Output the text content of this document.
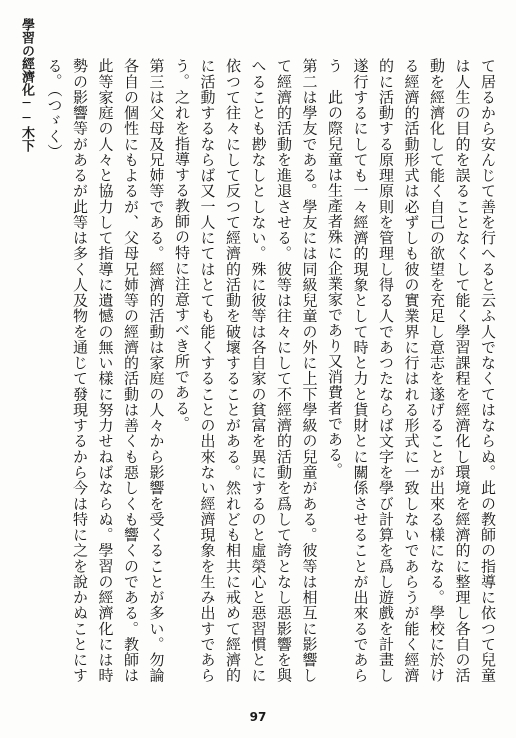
學習の經濟化──木下	て居るから安んじて善を行へると云ふ人でなくてはならぬ。此の教師の指導に依つて兒童は人生の目的を誤ることなくして能く學習課程を經濟化し環境を經濟的に整理し各自の活動を經濟化して能く自己の欲望を充足し意志を遂げることが出來る樣になる。學校に於ける經濟的活動形式は必ずしも彼の實業界に行はれる形式に一致しないであらうが能く經濟的に活動する原理原則を管理し得る人であつたならば文字を學び計算を爲し遊戲を計畫し遂行するにしても一々經濟的現象として時と力と貨財とに關係させることが出來るであらう　此の際兒童は生產者殊に企業家であり又消費者である。

第二は學友である。學友には同級兒童の外に上下學級の兒童がある。彼等は相互に影響して經濟的活動を進退させる。彼等は往々にして不經濟的活動を爲して誇となし惡影響を與へることも尠なしとしない。殊に彼等は各自家の貧富を異にするのと虛榮心と惡習慣とに依つて往々にして反つて經濟的活動を破壞することがある。然れども相共に戒めて經濟的に活動するならば又一人にてはとても能くすることの出來ない經濟現象を生み出すであらう。之れを指導する教師の特に注意すべき所である。

第三は父母及兄姉等である。經濟的活動は家庭の人々から影響を受くることが多い。勿論各自の個性にもよるが、父母兄姉等の經濟的活動は善くも惡しくも響くのである。教師は此等家庭の人々と協力して指導に遺憾の無い樣に努力せねばならぬ。學習の經濟化には時勢の影響等があるが此等は多く人及物を通じて發現するから今は特に之を說かぬことにする。（つゞく）

97
